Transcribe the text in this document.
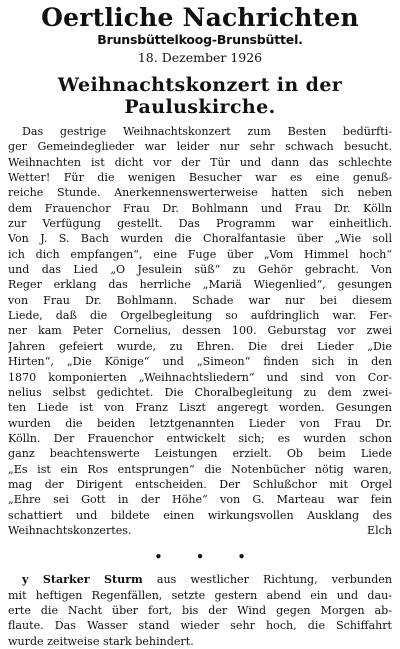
Oertliche Nachrichten
Brunsbüttelkoog-Brunsbüttel.
18. Dezember 1926
Weihnachtskonzert in der Pauluskirche.
Das gestrige Weihnachtskonzert zum Besten bedürfti-
ger Gemeindeglieder war leider nur sehr schwach besucht.
Weihnachten ist dicht vor der Tür und dann das schlechte
Wetter! Für die wenigen Besucher war es eine genuß-
reiche Stunde. Anerkennenswerterweise hatten sich neben
dem Frauenchor Frau Dr. Bohlmann und Frau Dr. Kölln
zur Verfügung gestellt. Das Programm war einheitlich.
Von J. S. Bach wurden die Choralfantasie über „Wie soll
ich dich empfangen“, eine Fuge über „Vom Himmel hoch“
und das Lied „O Jesulein süß“ zu Gehör gebracht. Von
Reger erklang das herrliche „Mariä Wiegenlied“, gesungen
von Frau Dr. Bohlmann. Schade war nur bei diesem
Liede, daß die Orgelbegleitung so aufdringlich war. Fer-
ner kam Peter Cornelius, dessen 100. Geburstag vor zwei
Jahren gefeiert wurde, zu Ehren. Die drei Lieder „Die
Hirten“, „Die Könige“ und „Simeon“ finden sich in den
1870 komponierten „Weihnachtsliedern“ und sind von Cor-
nelius selbst gedichtet. Die Choralbegleitung zu dem zwei-
ten Liede ist von Franz Liszt angeregt worden. Gesungen
wurden die beiden letztgenannten Lieder von Frau Dr.
Kölln. Der Frauenchor entwickelt sich; es wurden schon
ganz beachtenswerte Leistungen erzielt. Ob beim Liede
„Es ist ein Ros entsprungen“ die Notenbücher nötig waren,
mag der Dirigent entscheiden. Der Schlußchor mit Orgel
„Ehre sei Gott in der Höhe“ von G. Marteau war fein
schattiert und bildete einen wirkungsvollen Ausklang des
Weihnachtskonzertes.	Elch
• • •
y Starker Sturm aus westlicher Richtung, verbunden
mit heftigen Regenfällen, setzte gestern abend ein und dau-
erte die Nacht über fort, bis der Wind gegen Morgen ab-
flaute. Das Wasser stand wieder sehr hoch, die Schiffahrt
wurde zeitweise stark behindert.
